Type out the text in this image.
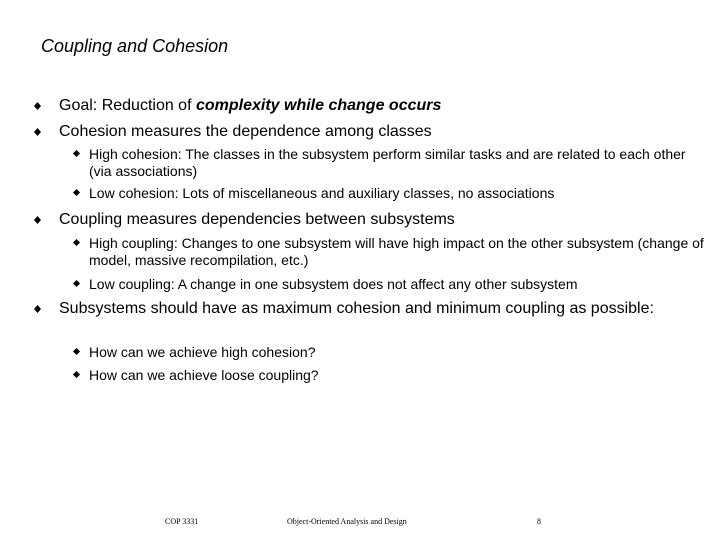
Coupling and Cohesion
Goal: Reduction of complexity while change occurs
Cohesion measures the dependence among classes
High cohesion: The classes in the subsystem perform similar tasks and are related to each other (via associations)
Low cohesion: Lots of miscellaneous and auxiliary classes, no associations
Coupling measures dependencies between subsystems
High coupling: Changes to one subsystem will have high impact on the other subsystem (change of model, massive recompilation, etc.)
Low coupling: A change in one subsystem does not affect any other subsystem
Subsystems should have as maximum cohesion and minimum coupling as possible:
How can we achieve high cohesion?
How can we achieve loose coupling?
COP 3331	Object-Oriented Analysis and Design	8
